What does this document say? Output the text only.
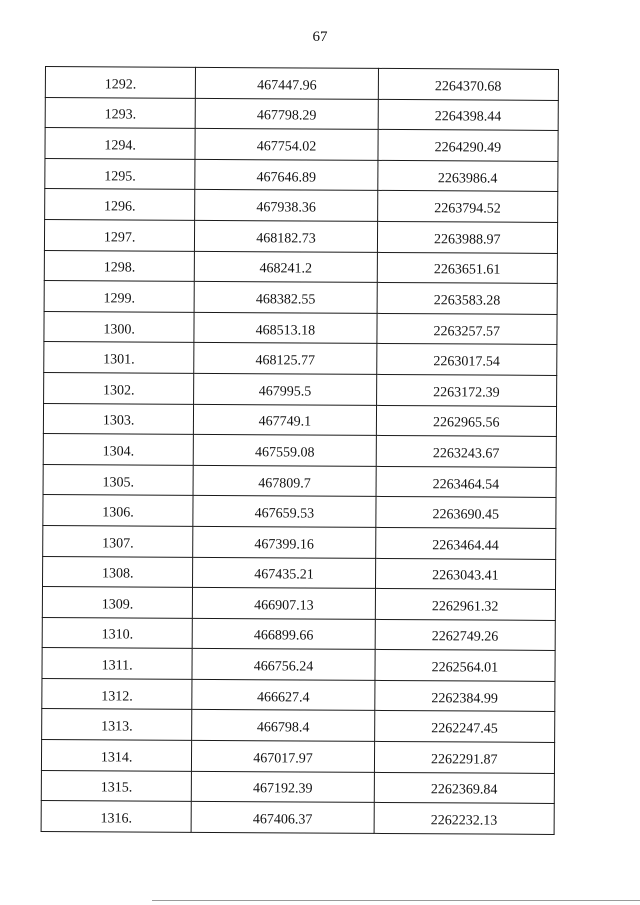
67
1292.	467447.96	2264370.68
1293.	467798.29	2264398.44
1294.	467754.02	2264290.49
1295.	467646.89	2263986.4
1296.	467938.36	2263794.52
1297.	468182.73	2263988.97
1298.	468241.2	2263651.61
1299.	468382.55	2263583.28
1300.	468513.18	2263257.57
1301.	468125.77	2263017.54
1302.	467995.5	2263172.39
1303.	467749.1	2262965.56
1304.	467559.08	2263243.67
1305.	467809.7	2263464.54
1306.	467659.53	2263690.45
1307.	467399.16	2263464.44
1308.	467435.21	2263043.41
1309.	466907.13	2262961.32
1310.	466899.66	2262749.26
1311.	466756.24	2262564.01
1312.	466627.4	2262384.99
1313.	466798.4	2262247.45
1314.	467017.97	2262291.87
1315.	467192.39	2262369.84
1316.	467406.37	2262232.13
